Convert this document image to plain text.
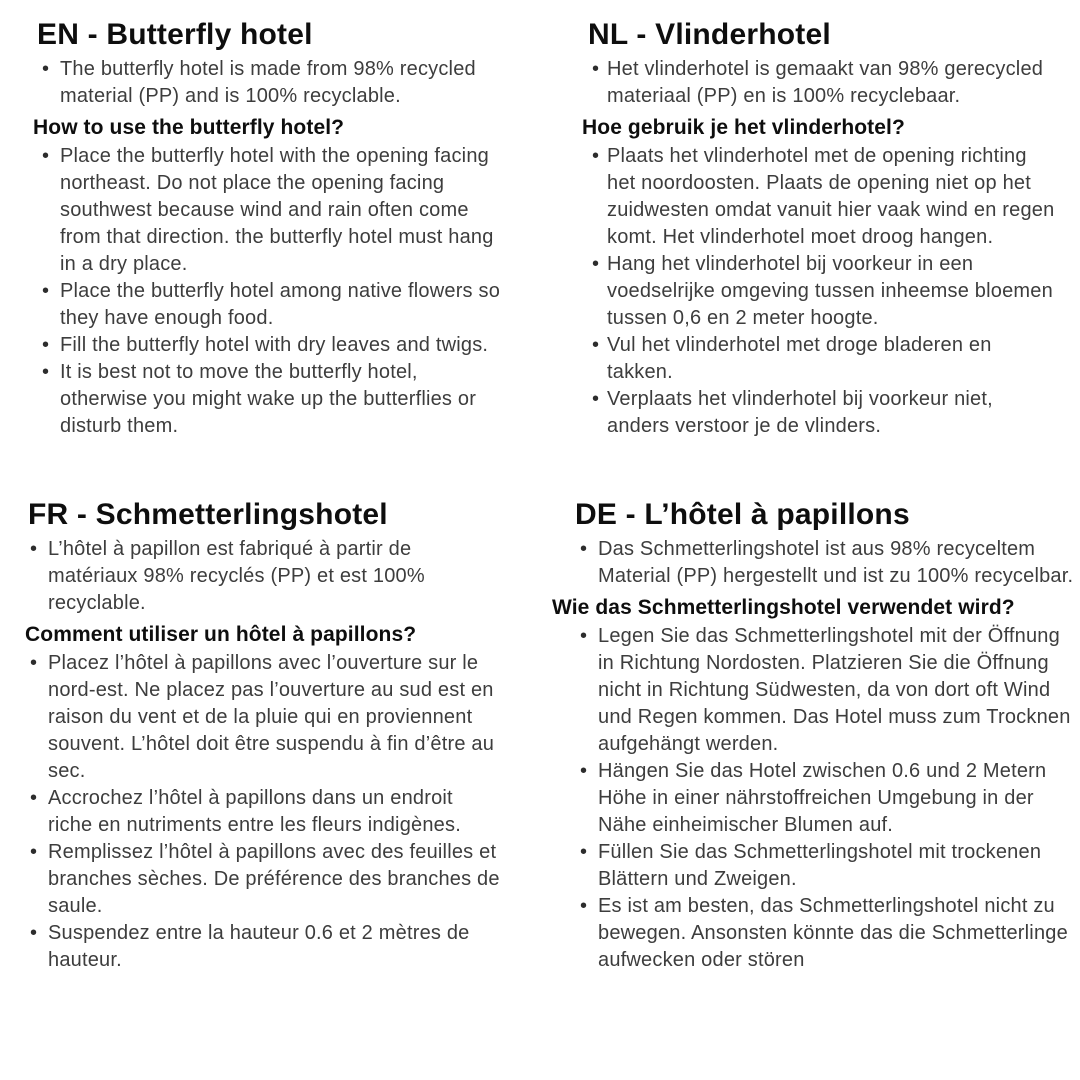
EN - Butterfly hotel
• The butterfly hotel is made from 98% recycled material (PP) and is 100% recyclable.
How to use the butterfly hotel?
• Place the butterfly hotel with the opening facing northeast. Do not place the opening facing southwest because wind and rain often come from that direction. the butterfly hotel must hang in a dry place.
• Place the butterfly hotel among native flowers so they have enough food.
• Fill the butterfly hotel with dry leaves and twigs.
• It is best not to move the butterfly hotel, otherwise you might wake up the butterflies or disturb them.
NL - Vlinderhotel
• Het vlinderhotel is gemaakt van 98% gerecycled materiaal (PP) en is 100% recyclebaar.
Hoe gebruik je het vlinderhotel?
• Plaats het vlinderhotel met de opening richting het noordoosten. Plaats de opening niet op het zuidwesten omdat vanuit hier vaak wind en regen komt. Het vlinderhotel moet droog hangen.
• Hang het vlinderhotel bij voorkeur in een voedselrijke omgeving tussen inheemse bloemen tussen 0,6 en 2 meter hoogte.
• Vul het vlinderhotel met droge bladeren en takken.
• Verplaats het vlinderhotel bij voorkeur niet, anders verstoor je de vlinders.
FR - Schmetterlingshotel
• L’hôtel à papillon est fabriqué à partir de matériaux 98% recyclés (PP) et est 100% recyclable.
Comment utiliser un hôtel à papillons?
• Placez l’hôtel à papillons avec l’ouverture sur le nord-est. Ne placez pas l’ouverture au sud est en raison du vent et de la pluie qui en proviennent souvent. L’hôtel doit être suspendu à fin d’être au sec.
• Accrochez l’hôtel à papillons dans un endroit riche en nutriments entre les fleurs indigènes.
• Remplissez l’hôtel à papillons avec des feuilles et branches sèches. De préférence des branches de saule.
• Suspendez entre la hauteur 0.6 et 2 mètres de hauteur.
DE - L’hôtel à papillons
• Das Schmetterlingshotel ist aus 98% recyceltem Material (PP) hergestellt und ist zu 100% recycelbar.
Wie das Schmetterlingshotel verwendet wird?
• Legen Sie das Schmetterlingshotel mit der Öffnung in Richtung Nordosten. Platzieren Sie die Öffnung nicht in Richtung Südwesten, da von dort oft Wind und Regen kommen. Das Hotel muss zum Trocknen aufgehängt werden.
• Hängen Sie das Hotel zwischen 0.6 und 2 Metern Höhe in einer nährstoffreichen Umgebung in der Nähe einheimischer Blumen auf.
• Füllen Sie das Schmetterlingshotel mit trockenen Blättern und Zweigen.
• Es ist am besten, das Schmetterlingshotel nicht zu bewegen. Ansonsten könnte das die Schmetterlinge aufwecken oder stören
